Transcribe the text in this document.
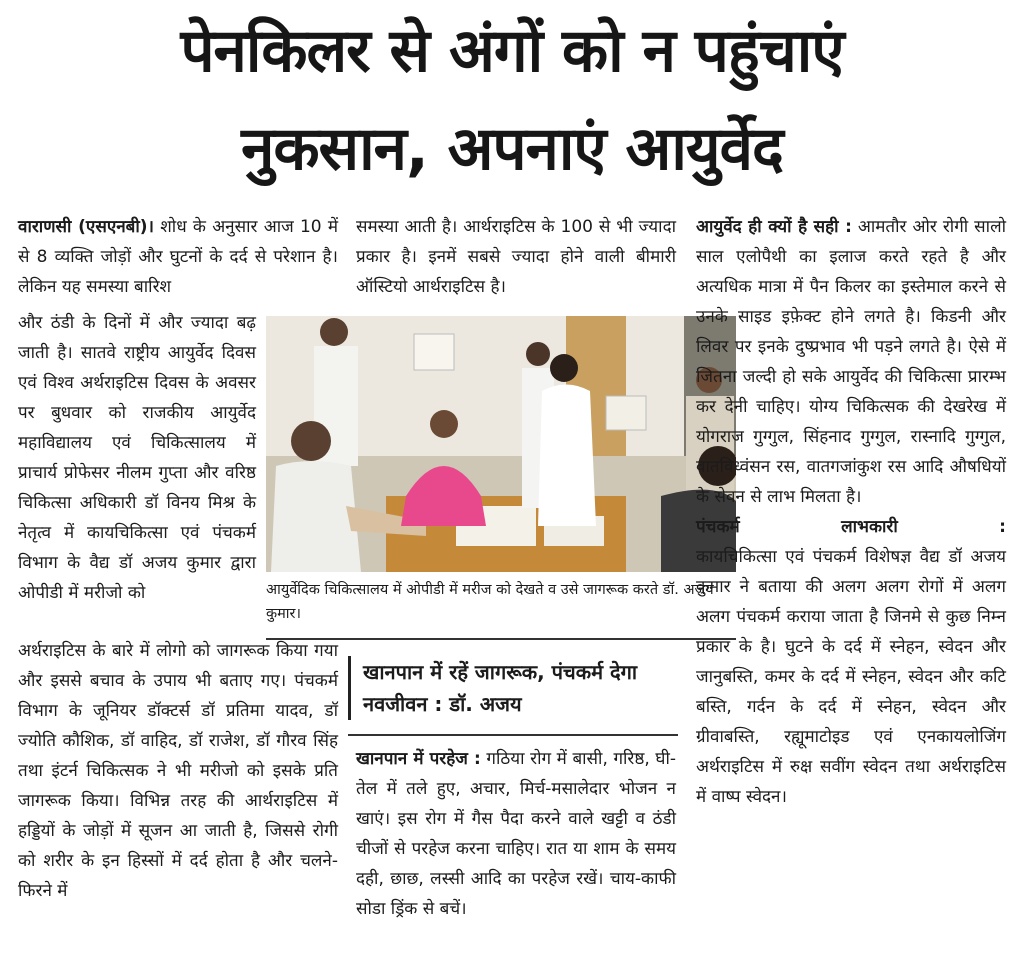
पेनकिलर से अंगों को न पहुंचाएं
नुकसान, अपनाएं आयुर्वेद

वाराणसी (एसएनबी)। शोध के अनुसार आज 10 में से 8 व्यक्ति जोड़ों और घुटनों के दर्द से परेशान है। लेकिन यह समस्या बारिश

और ठंडी के दिनों में और ज्यादा बढ़ जाती है। सातवे राष्ट्रीय आयुर्वेद दिवस एवं विश्व अर्थराइटिस दिवस के अवसर पर बुधवार को राजकीय आयुर्वेद महाविद्यालय एवं चिकित्सालय में प्राचार्य प्रोफेसर नीलम गुप्ता और वरिष्ठ चिकित्सा अधिकारी डॉ विनय मिश्र के नेतृत्व में कायचिकित्सा एवं पंचकर्म विभाग के वैद्य डॉ अजय कुमार द्वारा ओपीडी में मरीजो को

अर्थराइटिस के बारे में लोगो को जागरूक किया गया और इससे बचाव के उपाय भी बताए गए। पंचकर्म विभाग के जूनियर डॉक्टर्स डॉ प्रतिमा यादव, डॉ ज्योति कौशिक, डॉ वाहिद, डॉ राजेश, डॉ गौरव सिंह तथा इंटर्न चिकित्सक ने भी मरीजो को इसके प्रति जागरूक किया। विभिन्न तरह की आर्थराइटिस में हड्डियों के जोड़ों में सूजन आ जाती है, जिससे रोगी को शरीर के इन हिस्सों में दर्द होता है और चलने-फिरने में

समस्या आती है। आर्थराइटिस के 100 से भी ज्यादा प्रकार है। इनमें सबसे ज्यादा होने वाली बीमारी ऑस्टियो आर्थराइटिस है।

आयुर्वेदिक चिकित्सालय में ओपीडी में मरीज को देखते व उसे जागरूक करते डॉ. अजय कुमार।
खानपान में रहें जागरूक, पंचकर्म देगा नवजीवन : डॉ. अजय

खानपान में परहेज : गठिया रोग में बासी, गरिष्ठ, घी-तेल में तले हुए, अचार, मिर्च-मसालेदार भोजन न खाएं। इस रोग में गैस पैदा करने वाले खट्टी व ठंडी चीजों से परहेज करना चाहिए। रात या शाम के समय दही, छाछ, लस्सी आदि का परहेज रखें। चाय-काफी सोडा ड्रिंक से बचें।

आयुर्वेद ही क्यों है सही : आमतौर ओर रोगी सालो साल एलोपैथी का इलाज करते रहते है और अत्यधिक मात्रा में पैन किलर का इस्तेमाल करने से उनके साइड इफ़ेक्ट होने लगते है। किडनी और लिवर पर इनके दुष्प्रभाव भी पड़ने लगते है। ऐसे में जितना जल्दी हो सके आयुर्वेद की चिकित्सा प्रारम्भ कर देनी चाहिए। योग्य चिकित्सक की देखरेख में योगराज गुग्गुल, सिंहनाद गुग्गुल, रास्नादि गुग्गुल, वातविध्वंसन रस, वातगजांकुश रस आदि औषधियों के सेवन से लाभ मिलता है।

पंचकर्म	लाभकारी	:

कायचिकित्सा एवं पंचकर्म विशेषज्ञ वैद्य डॉ अजय कुमार ने बताया की अलग अलग रोगों में अलग अलग पंचकर्म कराया जाता है जिनमे से कुछ निम्न प्रकार के है। घुटने के दर्द में स्नेहन, स्वेदन और जानुबस्ति, कमर के दर्द में स्नेहन, स्वेदन और कटि बस्ति, गर्दन के दर्द में स्नेहन, स्वेदन और ग्रीवाबस्ति, रह्यूमाटोइड एवं एनकायलोजिंग अर्थराइटिस में रुक्ष सवींग स्वेदन तथा अर्थराइटिस में वाष्प स्वेदन।
